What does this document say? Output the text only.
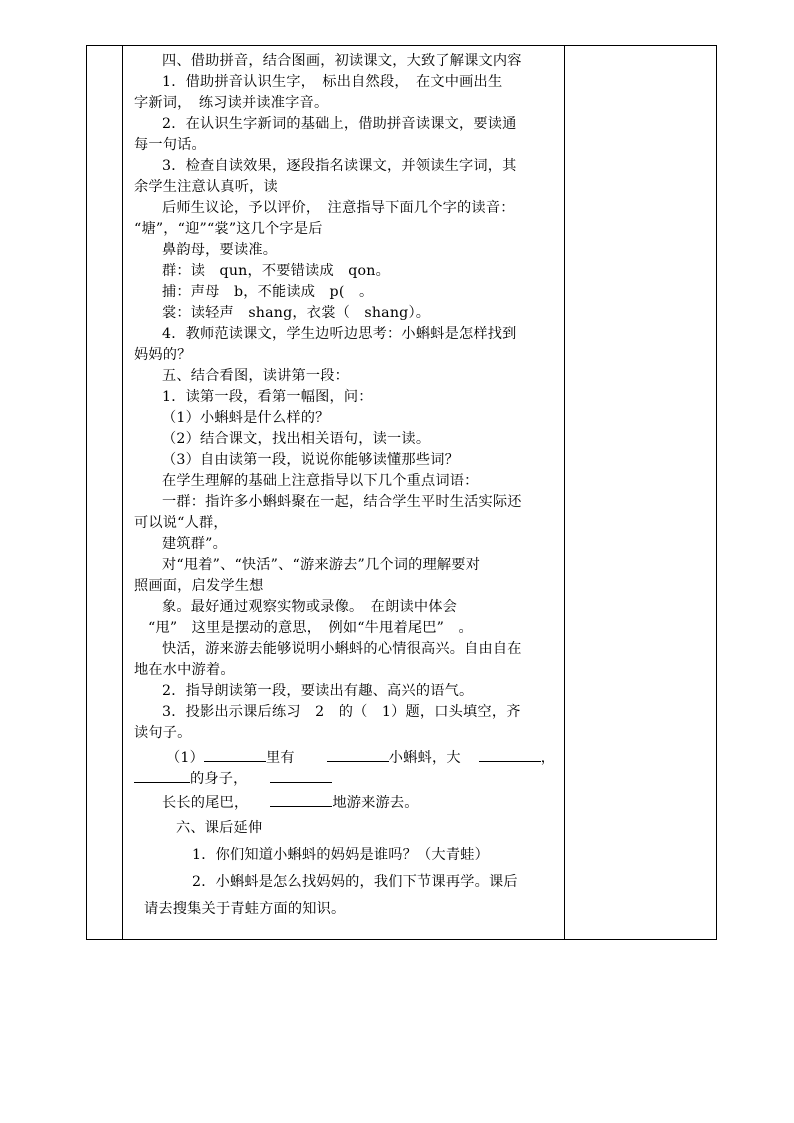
四、借助拼音，结合图画，初读课文，大致了解课文内容
1．借助拼音认识生字，　标出自然段，　在文中画出生
字新词，　练习读并读准字音。
2．在认识生字新词的基础上，借助拼音读课文，要读通
每一句话。
3．检查自读效果，逐段指名读课文，并领读生字词，其
余学生注意认真听，读
后师生议论，予以评价，　注意指导下面几个字的读音：
“塘”，“迎”“裳”这几个字是后
鼻韵母，要读准。
群：读　qun，不要错读成　qon。
捕：声母　b，不能读成　p(　。
裳：读轻声　shang，衣裳（　shang）。
4．教师范读课文，学生边听边思考：小蝌蚪是怎样找到
妈妈的？
五、结合看图，读讲第一段：
1．读第一段，看第一幅图，问：
（1）小蝌蚪是什么样的？
（2）结合课文，找出相关语句，读一读。
（3）自由读第一段，说说你能够读懂那些词？
在学生理解的基础上注意指导以下几个重点词语：
一群：指许多小蝌蚪聚在一起，结合学生平时生活实际还
可以说“人群，
建筑群”。
对“甩着”、“快活”、“游来游去”几个词的理解要对
照画面，启发学生想
象。最好通过观察实物或录像。　在朗读中体会
“甩”　这里是摆动的意思，　例如“牛甩着尾巴”　。
快活，游来游去能够说明小蝌蚪的心情很高兴。自由自在
地在水中游着。
2．指导朗读第一段，要读出有趣、高兴的语气。
3．投影出示课后练习　2　的（　1）题，口头填空，齐
读句子。
（1）	里有	小蝌蚪，大	，
的身子，
长长的尾巴，	地游来游去。
六、课后延伸
1．你们知道小蝌蚪的妈妈是谁吗？（大青蛙）
2．小蝌蚪是怎么找妈妈的，我们下节课再学。课后
请去搜集关于青蛙方面的知识。
